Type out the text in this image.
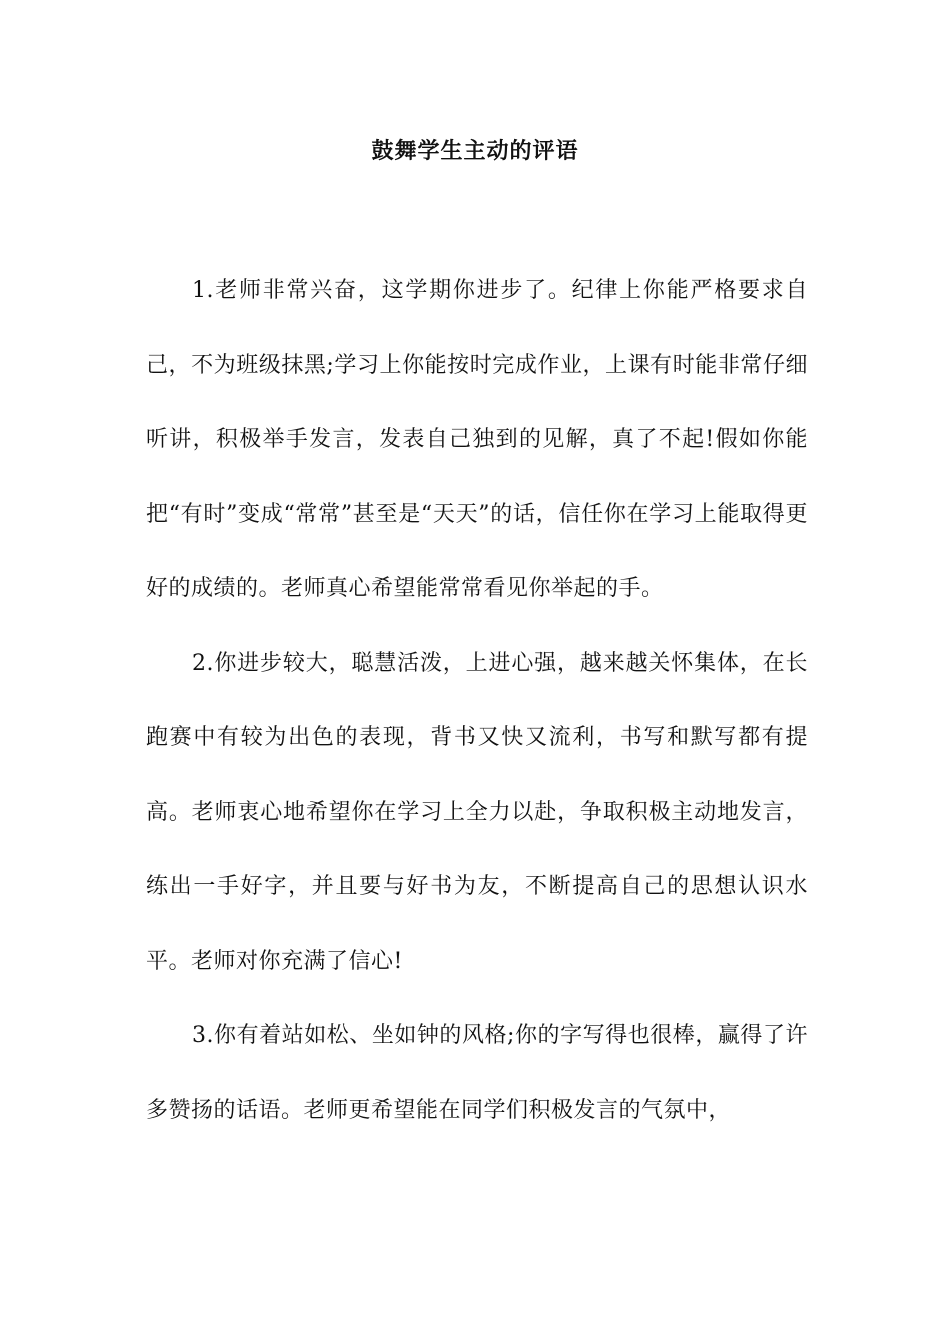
鼓舞学生主动的评语

1.老师非常兴奋，这学期你进步了。纪律上你能严格要求自己，不为班级抹黑;学习上你能按时完成作业，上课有时能非常仔细听讲，积极举手发言，发表自己独到的见解，真了不起!假如你能把“有时”变成“常常”甚至是“天天”的话，信任你在学习上能取得更好的成绩的。老师真心希望能常常看见你举起的手。

2.你进步较大，聪慧活泼，上进心强，越来越关怀集体，在长跑赛中有较为出色的表现，背书又快又流利，书写和默写都有提高。老师衷心地希望你在学习上全力以赴，争取积极主动地发言，练出一手好字，并且要与好书为友，不断提高自己的思想认识水平。老师对你充满了信心!

3.你有着站如松、坐如钟的风格;你的字写得也很棒，赢得了许多赞扬的话语。老师更希望能在同学们积极发言的气氛中，
